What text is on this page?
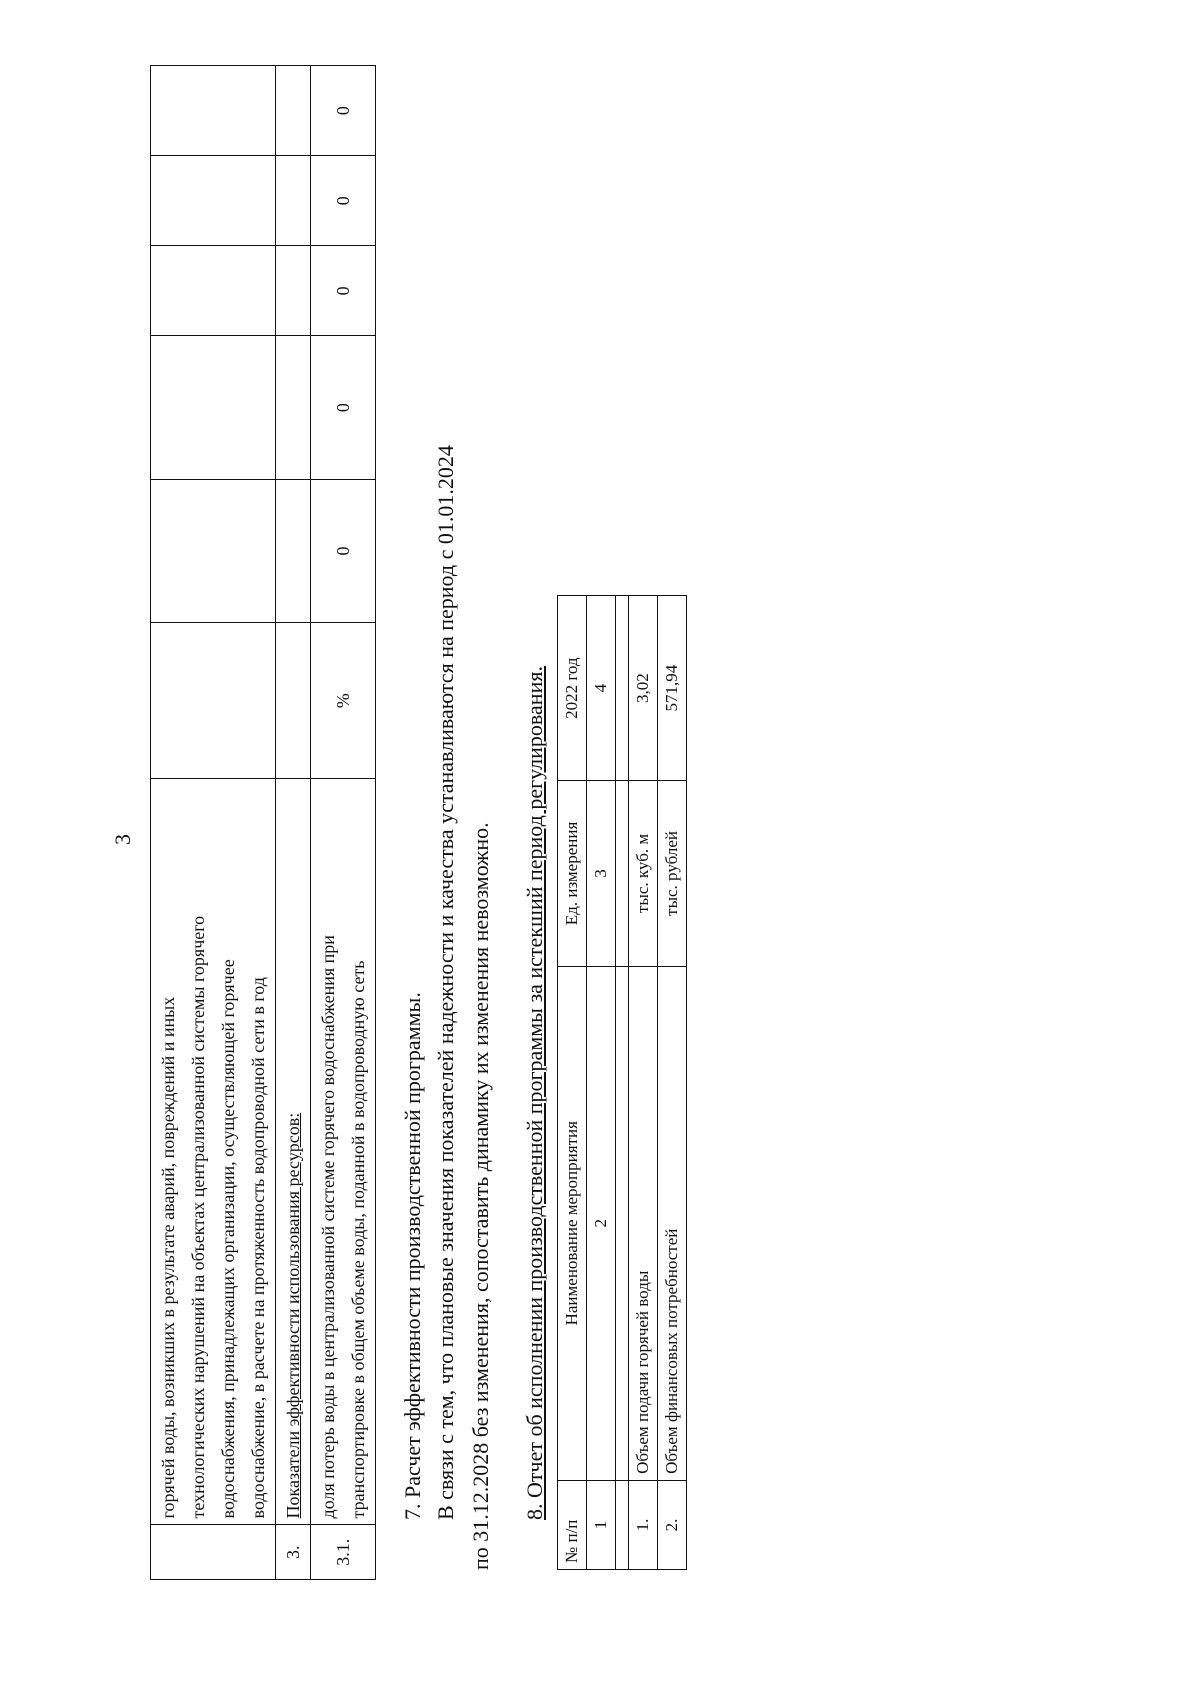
3

	горячей воды, возникших в результате аварий, повреждений и иных технологических нарушений на объектах централизованной системы горячего водоснабжения, принадлежащих организации, осуществляющей горячее водоснабжение, в расчете на протяженность водопроводной сети в год						

3.	Показатели эффективности использования ресурсов:						
3.1.	доля потерь воды в централизованной системе горячего водоснабжения при транспортировке в общем объеме воды, поданной в водопроводную сеть	%	0	0	0	0	0
7. Расчет эффективности производственной программы. В связи с тем, что плановые значения показателей надежности и качества устанавливаются на период с 01.01.2024 по 31.12.2028 без изменения, сопоставить динамику их изменения невозможно. 8. Отчет об исполнении производственной программы за истекший период регулирования.
№ п/п	Наименование мероприятия	Ед. измерения	2022 год
1	2	3	4

1.	Объем подачи горячей воды	тыс. куб. м	3,02
2.	Объем финансовых потребностей	тыс. рублей	571,94
